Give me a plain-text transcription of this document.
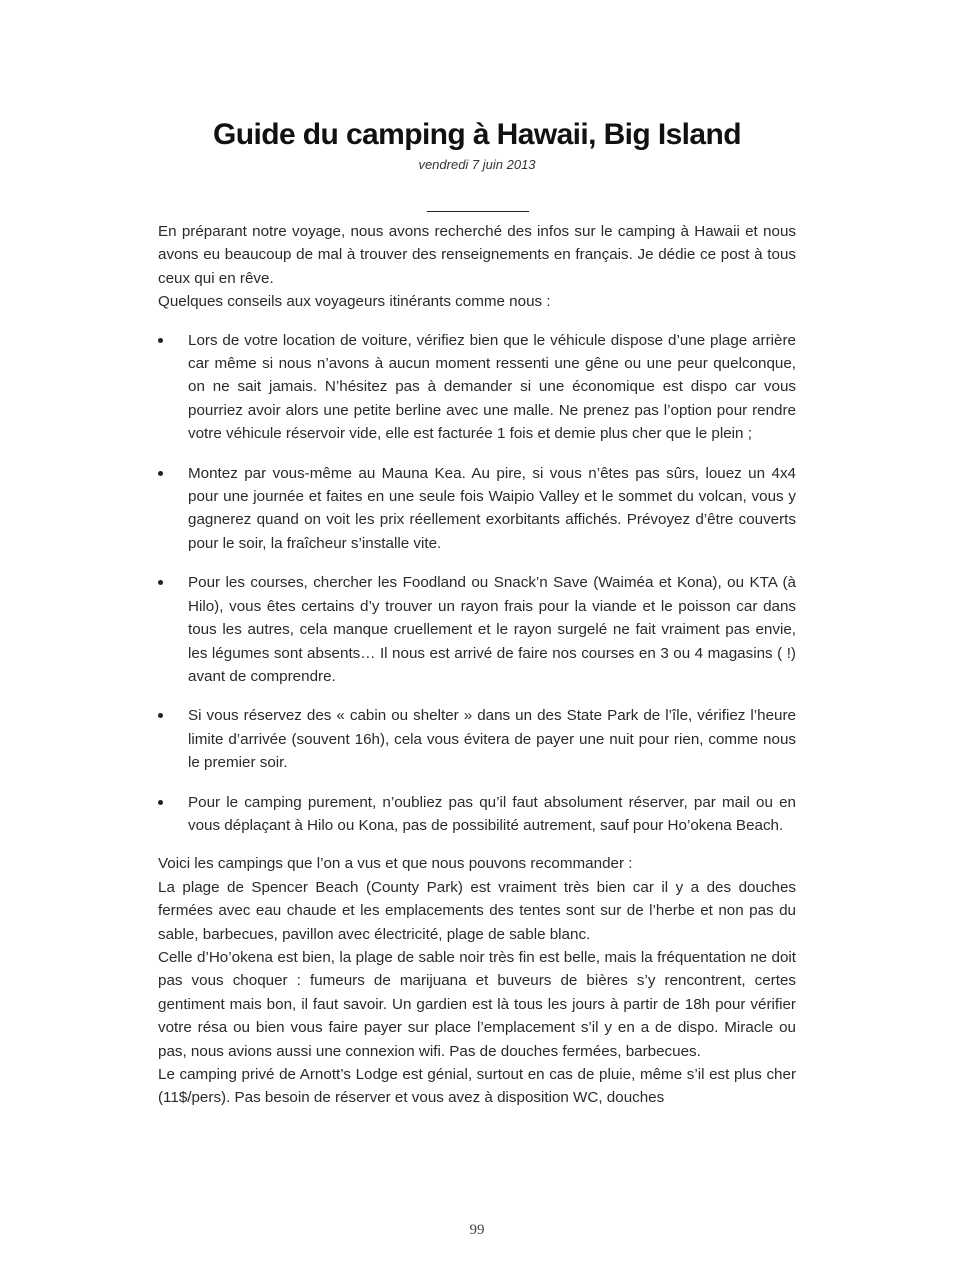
Guide du camping à Hawaii, Big Island
vendredi 7 juin 2013

En préparant notre voyage, nous avons recherché des infos sur le camping à Hawaii et nous avons eu beaucoup de mal à trouver des renseignements en français. Je dédie ce post à tous ceux qui en rêve.

Quelques conseils aux voyageurs itinérants comme nous :

Lors de votre location de voiture, vérifiez bien que le véhicule dispose d’une plage arrière car même si nous n’avons à aucun moment ressenti une gêne ou une peur quelconque, on ne sait jamais. N’hésitez pas à demander si une économique est dispo car vous pourriez avoir alors une petite berline avec une malle. Ne prenez pas l’option pour rendre votre véhicule réservoir vide, elle est facturée 1 fois et demie plus cher que le plein ;
Montez par vous-même au Mauna Kea. Au pire, si vous n’êtes pas sûrs, louez un 4x4 pour une journée et faites en une seule fois Waipio Valley et le sommet du volcan, vous y gagnerez quand on voit les prix réellement exorbitants affichés. Prévoyez d’être couverts pour le soir, la fraîcheur s’installe vite.
Pour les courses, chercher les Foodland ou Snack’n Save (Waiméa et Kona), ou KTA (à Hilo), vous êtes certains d’y trouver un rayon frais pour la viande et le poisson car dans tous les autres, cela manque cruellement et le rayon surgelé ne fait vraiment pas envie, les légumes sont absents… Il nous est arrivé de faire nos courses en 3 ou 4 magasins ( !) avant de comprendre.
Si vous réservez des « cabin ou shelter » dans un des State Park de l’île, vérifiez l’heure limite d’arrivée (souvent 16h), cela vous évitera de payer une nuit pour rien, comme nous le premier soir.
Pour le camping purement, n’oubliez pas qu’il faut absolument réserver, par mail ou en vous déplaçant à Hilo ou Kona, pas de possibilité autrement, sauf pour Ho’okena Beach.

Voici les campings que l’on a vus et que nous pouvons recommander :

La plage de Spencer Beach (County Park) est vraiment très bien car il y a des douches fermées avec eau chaude et les emplacements des tentes sont sur de l’herbe et non pas du sable, barbecues, pavillon avec électricité, plage de sable blanc.

Celle d’Ho’okena est bien, la plage de sable noir très fin est belle, mais la fréquentation ne doit pas vous choquer : fumeurs de marijuana et buveurs de bières s’y rencontrent, certes gentiment mais bon, il faut savoir. Un gardien est là tous les jours à partir de 18h pour vérifier votre résa ou bien vous faire payer sur place l’emplacement s’il y en a de dispo. Miracle ou pas, nous avions aussi une connexion wifi. Pas de douches fermées, barbecues.

Le camping privé de Arnott’s Lodge est génial, surtout en cas de pluie, même s’il est plus cher (11$/pers). Pas besoin de réserver et vous avez à disposition WC, douches

99
